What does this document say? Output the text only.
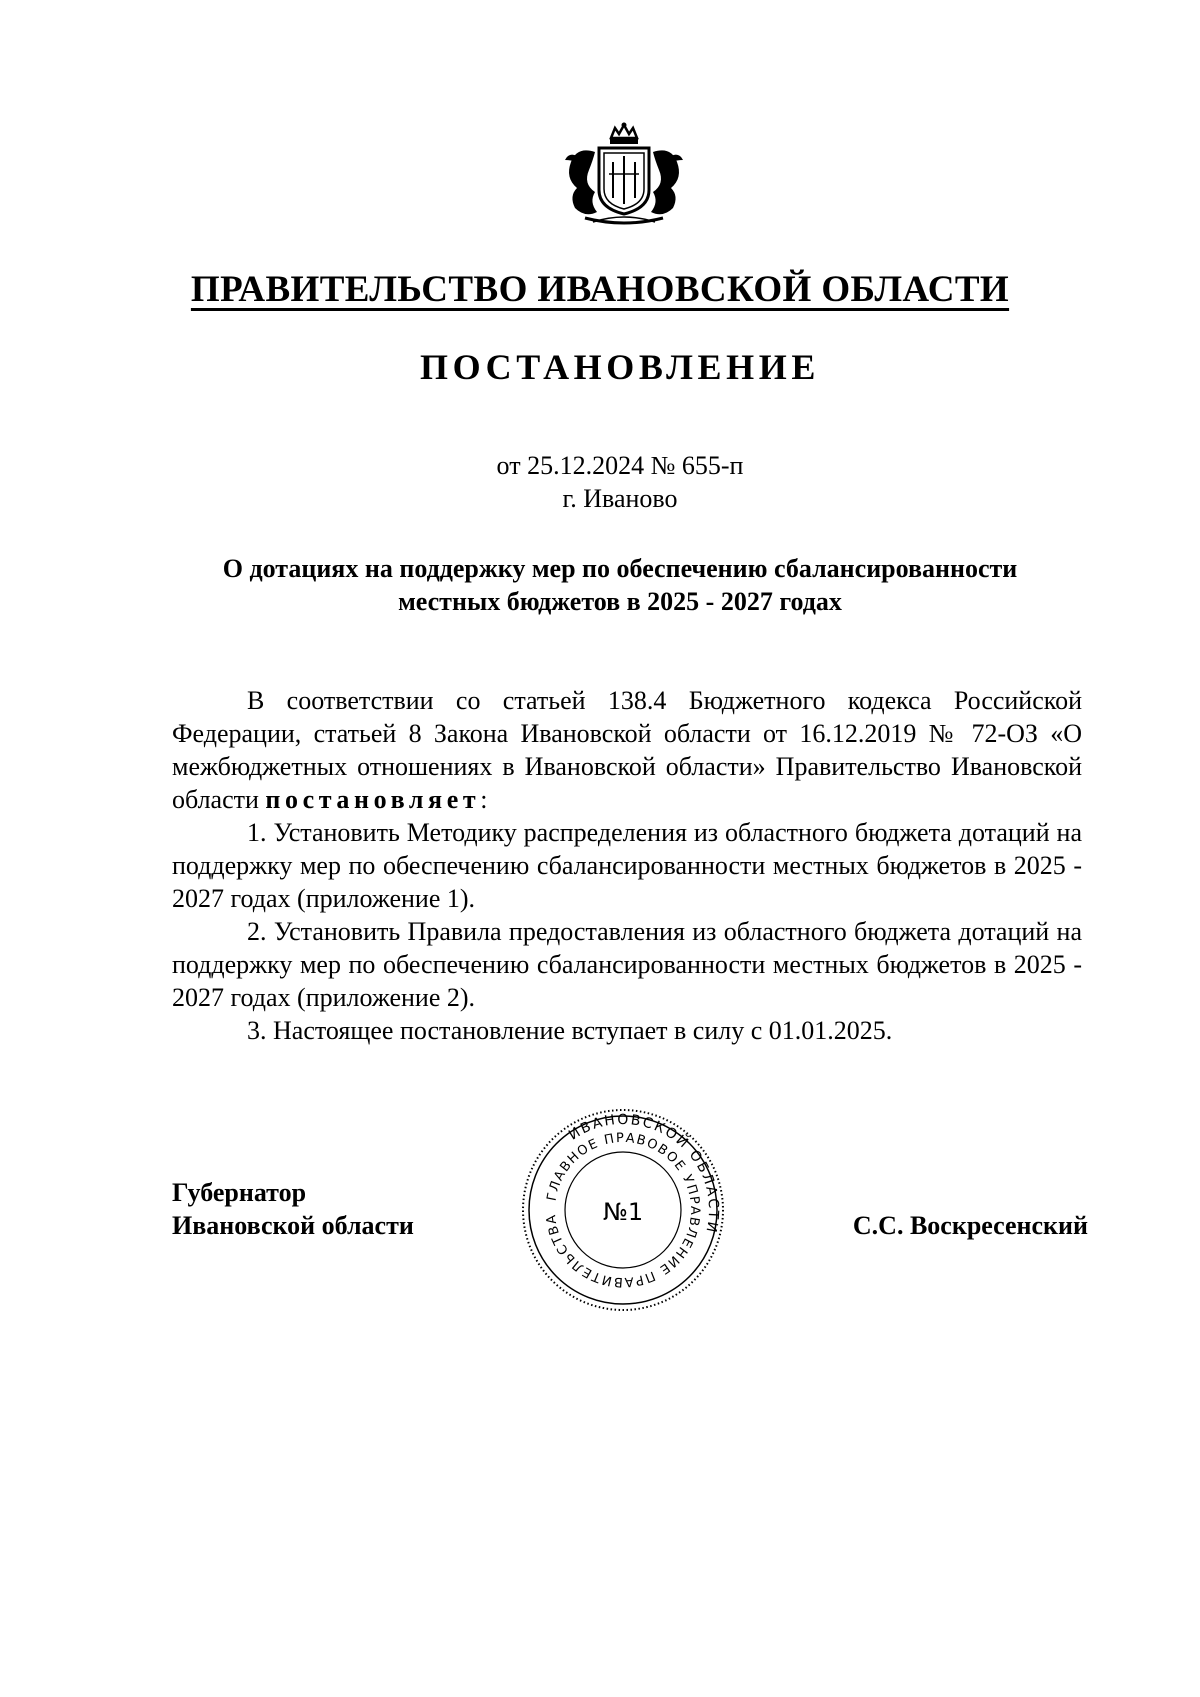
ПРАВИТЕЛЬСТВО ИВАНОВСКОЙ ОБЛАСТИ
ПОСТАНОВЛЕНИЕ
от 25.12.2024 № 655-п
г. Иваново
О дотациях на поддержку мер по обеспечению сбалансированности
местных бюджетов в 2025 - 2027 годах

В соответствии со статьей 138.4 Бюджетного кодекса Российской Федерации, статьей 8 Закона Ивановской области от 16.12.2019 № 72-ОЗ «О межбюджетных отношениях в Ивановской области» Правительство Ивановской области постановляет:

1. Установить Методику распределения из областного бюджета дотаций на поддержку мер по обеспечению сбалансированности местных бюджетов в 2025 - 2027 годах (приложение 1).

2. Установить Правила предоставления из областного бюджета дотаций на поддержку мер по обеспечению сбалансированности местных бюджетов в 2025 - 2027 годах (приложение 2).

3. Настоящее постановление вступает в силу с 01.01.2025.

Губернатор
Ивановской области	С.С. Воскресенский
ИВАНОВСКОЙ ОБЛАСТИ
ГЛАВНОЕ ПРАВОВОЕ УПРАВЛЕНИЕ ПРАВИТЕЛЬСТВА	№1
